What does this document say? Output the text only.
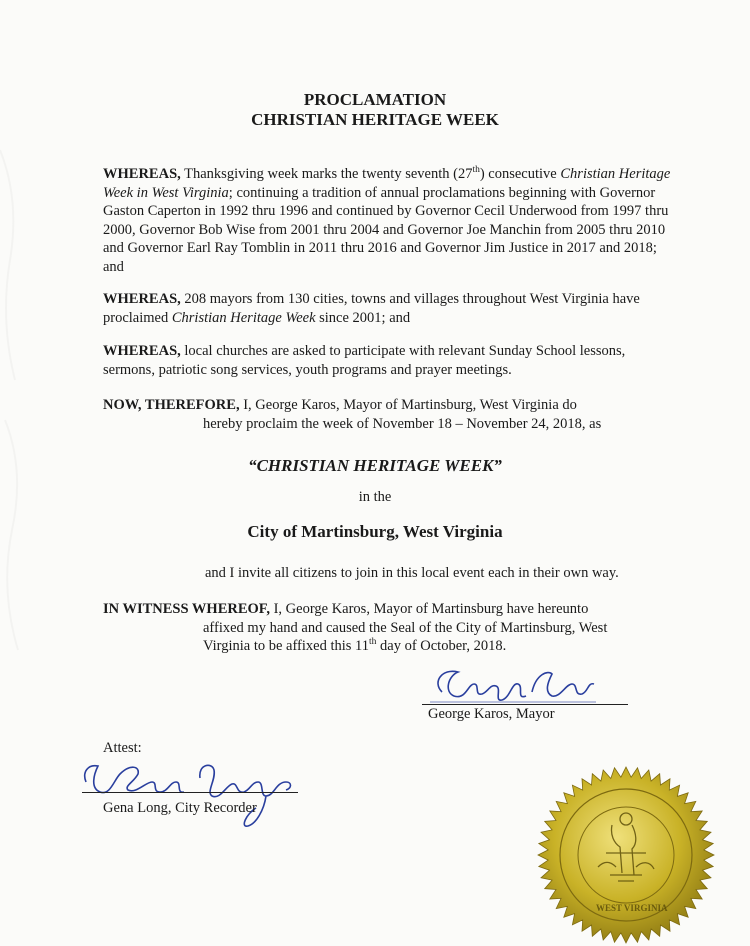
PROCLAMATION
CHRISTIAN HERITAGE WEEK
WHEREAS, Thanksgiving week marks the twenty seventh (27th) consecutive Christian Heritage Week in West Virginia; continuing a tradition of annual proclamations beginning with Governor Gaston Caperton in 1992 thru 1996 and continued by Governor Cecil Underwood from 1997 thru 2000, Governor Bob Wise from 2001 thru 2004 and Governor Joe Manchin from 2005 thru 2010 and Governor Earl Ray Tomblin in 2011 thru 2016 and Governor Jim Justice in 2017 and 2018; and
WHEREAS, 208 mayors from 130 cities, towns and villages throughout West Virginia have proclaimed Christian Heritage Week since 2001; and
WHEREAS, local churches are asked to participate with relevant Sunday School lessons, sermons, patriotic song services, youth programs and prayer meetings.
NOW, THEREFORE, I, George Karos, Mayor of Martinsburg, West Virginia do
hereby proclaim the week of November 18 – November 24, 2018, as
“CHRISTIAN HERITAGE WEEK”
in the
City of Martinsburg, West Virginia
and I invite all citizens to join in this local event each in their own way.
IN WITNESS WHEREOF, I, George Karos, Mayor of Martinsburg have hereunto
affixed my hand and caused the Seal of the City of Martinsburg, West
Virginia to be affixed this 11th day of October, 2018.
George Karos, Mayor
Attest:
Gena Long, City Recorder
WEST VIRGINIA
